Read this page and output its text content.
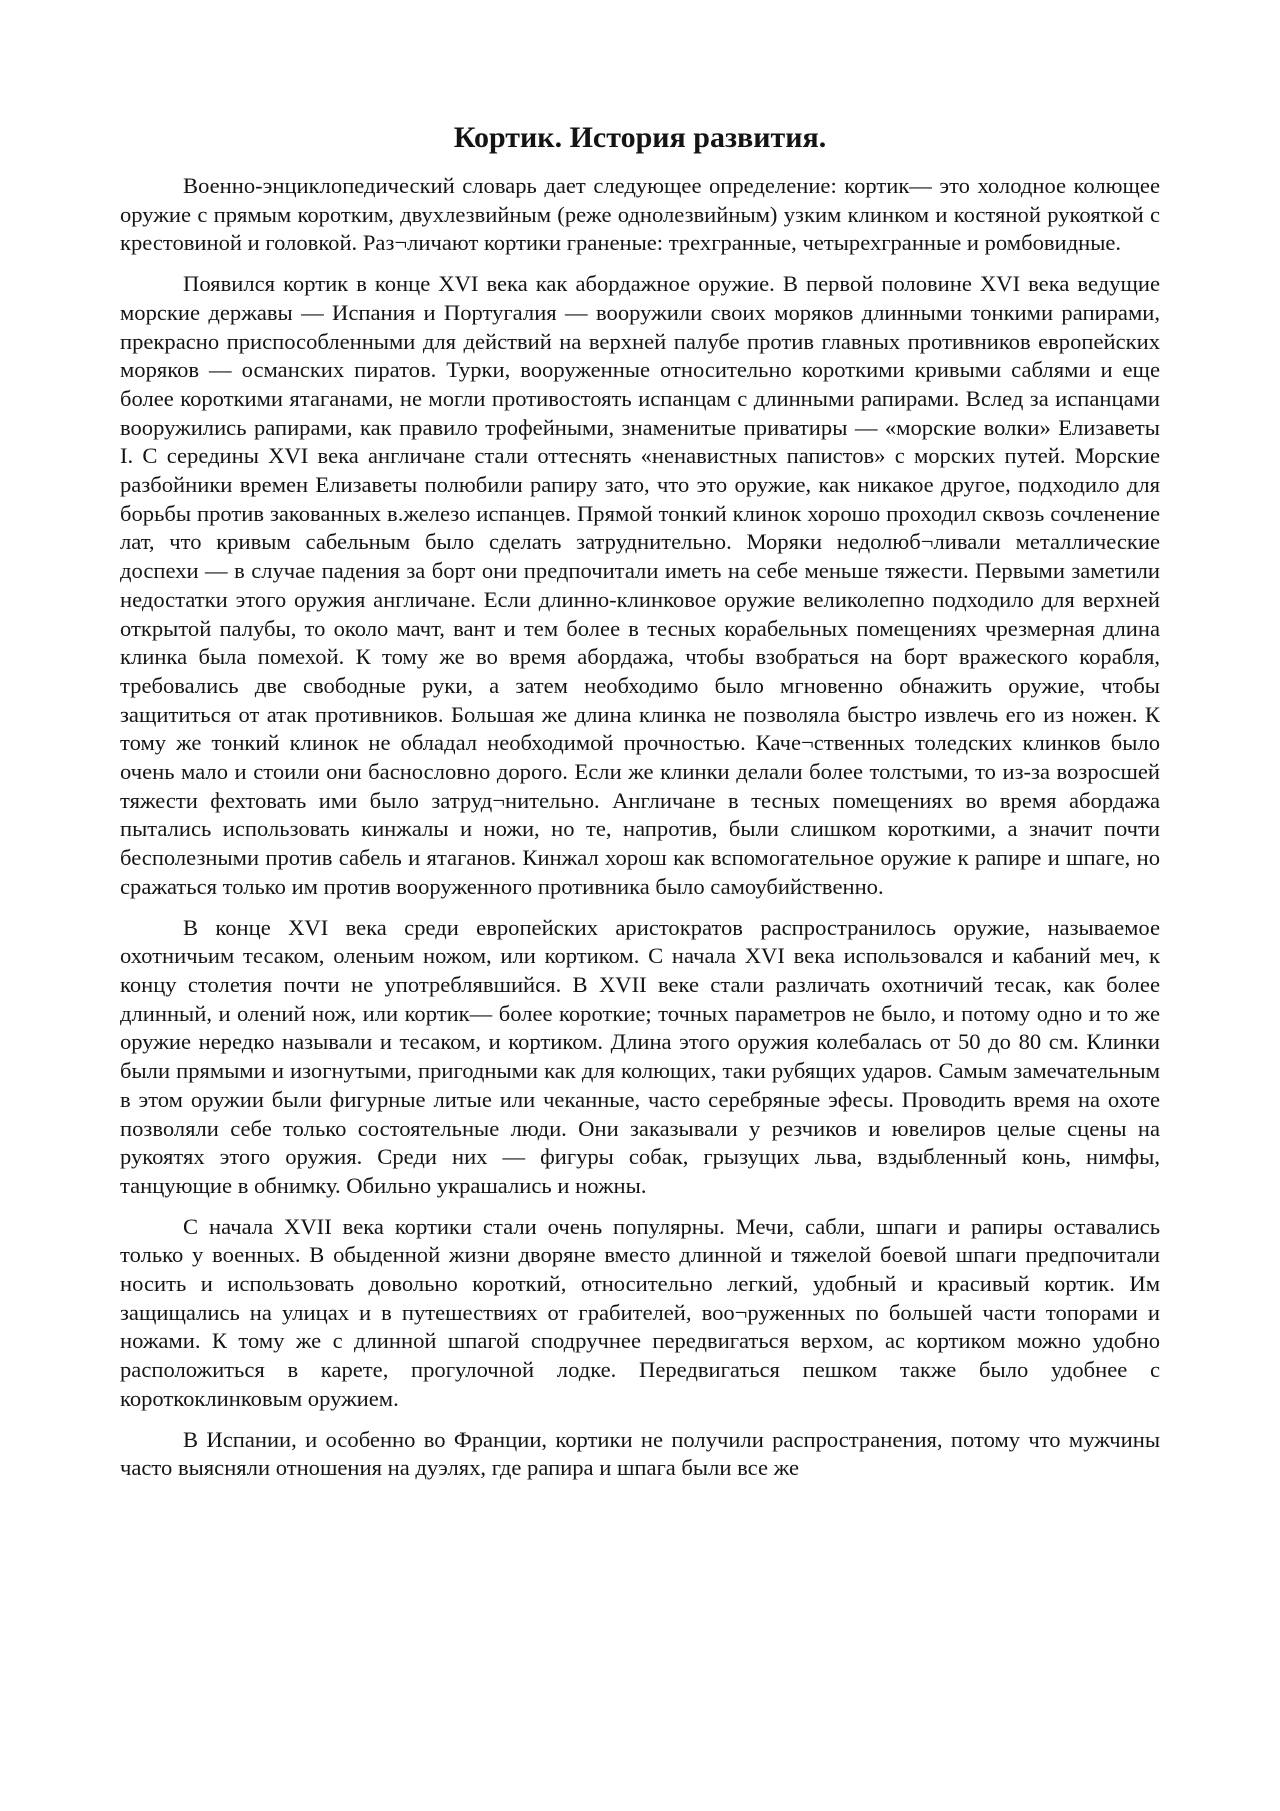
Кортик. История развития.

Военно-энциклопедический словарь дает следующее определение: кортик— это холодное колющее оружие с прямым коротким, двухлезвийным (реже однолезвийным) узким клинком и костяной рукояткой с крестовиной и головкой. Раз¬личают кортики граненые: трехгранные, четырехгранные и ромбовидные.

Появился кортик в конце XVI века как абордажное оружие. В первой половине XVI века ведущие морские державы — Испания и Португалия — вооружили своих моряков длинными тонкими рапирами, прекрасно приспособленными для действий на верхней палубе против главных противников европейских моряков — османских пиратов. Турки, вооруженные относительно короткими кривыми саблями и еще более короткими ятаганами, не могли противостоять испанцам с длинными рапирами. Вслед за испанцами вооружились рапирами, как правило трофейными, знаменитые приватиры — «морские волки» Елизаветы I. С середины XVI века англичане стали оттеснять «ненавистных папистов» с морских путей. Морские разбойники времен Елизаветы полюбили рапиру зато, что это оружие, как никакое другое, подходило для борьбы против закованных в.железо испанцев. Прямой тонкий клинок хорошо проходил сквозь сочленение лат, что кривым сабельным было сделать затруднительно. Моряки недолюб¬ливали металлические доспехи — в случае падения за борт они предпочитали иметь на себе меньше тяжести. Первыми заметили недостатки этого оружия англичане. Если длинно-клинковое оружие великолепно подходило для верхней открытой палубы, то около мачт, вант и тем более в тесных корабельных помещениях чрезмерная длина клинка была помехой. К тому же во время абордажа, чтобы взобраться на борт вражеского корабля, требовались две свободные руки, а затем необходимо было мгновенно обнажить оружие, чтобы защититься от атак противников. Большая же длина клинка не позволяла быстро извлечь его из ножен. К тому же тонкий клинок не обладал необходимой прочностью. Каче¬ственных толедских клинков было очень мало и стоили они баснословно дорого. Если же клинки делали более толстыми, то из-за возросшей тяжести фехтовать ими было затруд¬нительно. Англичане в тесных помещениях во время абордажа пытались использовать кинжалы и ножи, но те, напротив, были слишком короткими, а значит почти бесполезными против сабель и ятаганов. Кинжал хорош как вспомогательное оружие к рапире и шпаге, но сражаться только им против вооруженного противника было самоубийственно.

В конце XVI века среди европейских аристократов распространилось оружие, называемое охотничьим тесаком, оленьим ножом, или кортиком. С начала XVI века использовался и кабаний меч, к концу столетия почти не употреблявшийся. В XVII веке стали различать охотничий тесак, как более длинный, и олений нож, или кортик— более короткие; точных параметров не было, и потому одно и то же оружие нередко называли и тесаком, и кортиком. Длина этого оружия колебалась от 50 до 80 см. Клинки были прямыми и изогнутыми, пригодными как для колющих, таки рубящих ударов. Самым замечательным в этом оружии были фигурные литые или чеканные, часто серебряные эфесы. Проводить время на охоте позволяли себе только состоятельные люди. Они заказывали у резчиков и ювелиров целые сцены на рукоятях этого оружия. Среди них — фигуры собак, грызущих льва, вздыбленный конь, нимфы, танцующие в обнимку. Обильно украшались и ножны.

С начала XVII века кортики стали очень популярны. Мечи, сабли, шпаги и рапиры оставались только у военных. В обыденной жизни дворяне вместо длинной и тяжелой боевой шпаги предпочитали носить и использовать довольно короткий, относительно легкий, удобный и красивый кортик. Им защищались на улицах и в путешествиях от грабителей, воо¬руженных по большей части топорами и ножами. К тому же с длинной шпагой сподручнее передвигаться верхом, ас кортиком можно удобно расположиться в карете, прогулочной лодке. Передвигаться пешком также было удобнее с короткоклинковым оружием.

В Испании, и особенно во Франции, кортики не получили распространения, потому что мужчины часто выясняли отношения на дуэлях, где рапира и шпага были все же
